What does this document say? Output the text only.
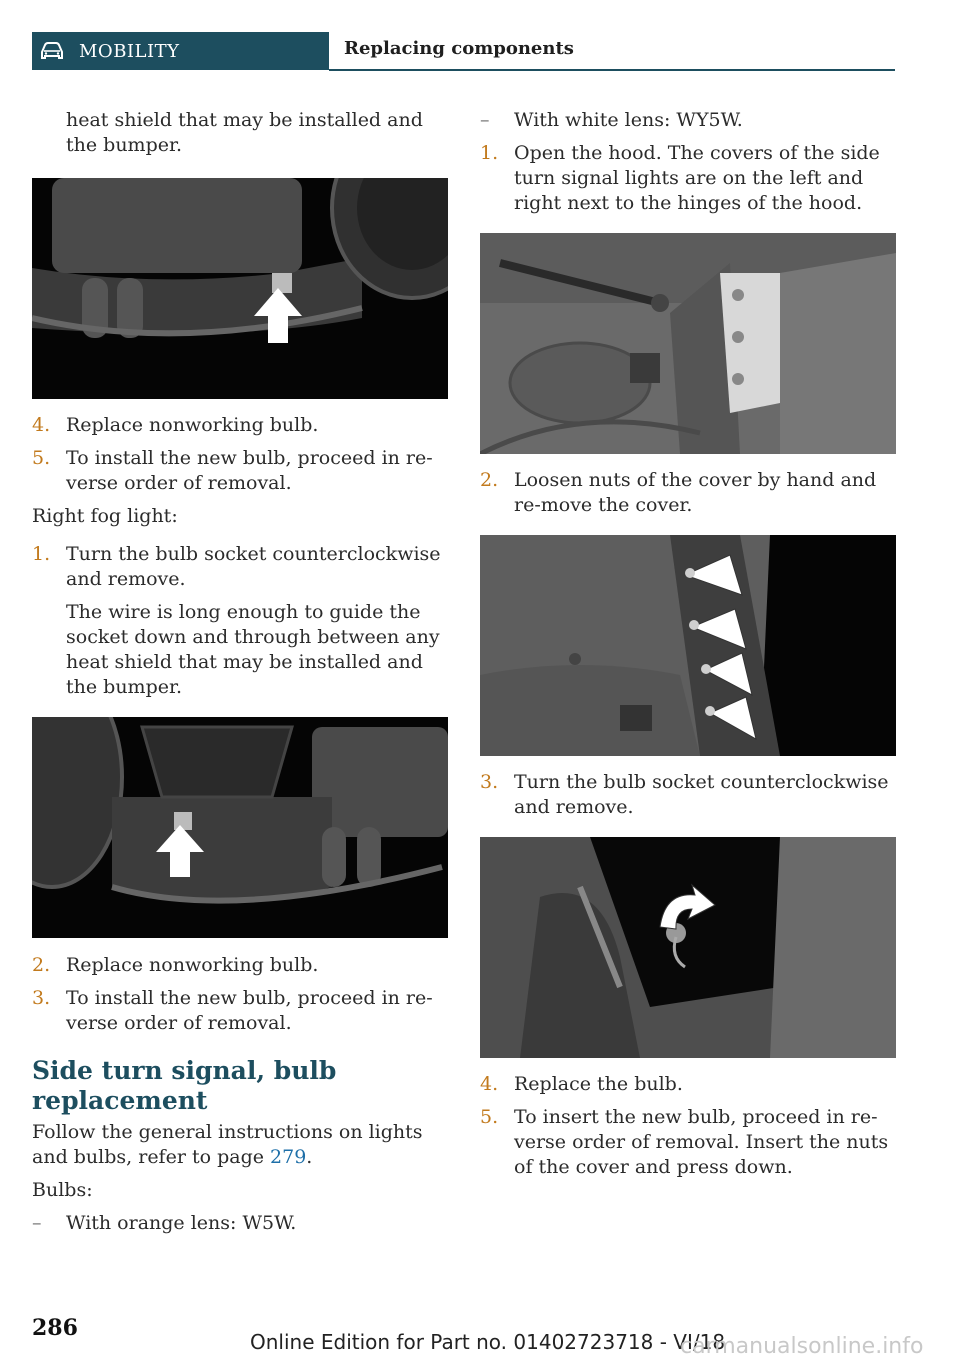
MOBILITY	Replacing components

heat shield that may be installed and the bumper.

4. Replace nonworking bulb.
5. To install the new bulb, proceed in re‐verse order of removal.

Right fog light:

1. Turn the bulb socket counterclockwise and remove.

The wire is long enough to guide the socket down and through between any heat shield that may be installed and the bumper.

2. Replace nonworking bulb.
3. To install the new bulb, proceed in re‐verse order of removal.
Side turn signal, bulb replacement

Follow the general instructions on lights and bulbs, refer to page 279.

Bulbs:

–	With orange lens: W5W.
–	With white lens: WY5W.
1. Open the hood. The covers of the side turn signal lights are on the left and right next to the hinges of the hood.
2. Loosen nuts of the cover by hand and re‐move the cover.
3. Turn the bulb socket counterclockwise and remove.
4. Replace the bulb.
5. To insert the new bulb, proceed in re‐verse order of removal. Insert the nuts of the cover and press down.
286
Online Edition for Part no. 01402723718 - VI/18
carmanualsonline.info
